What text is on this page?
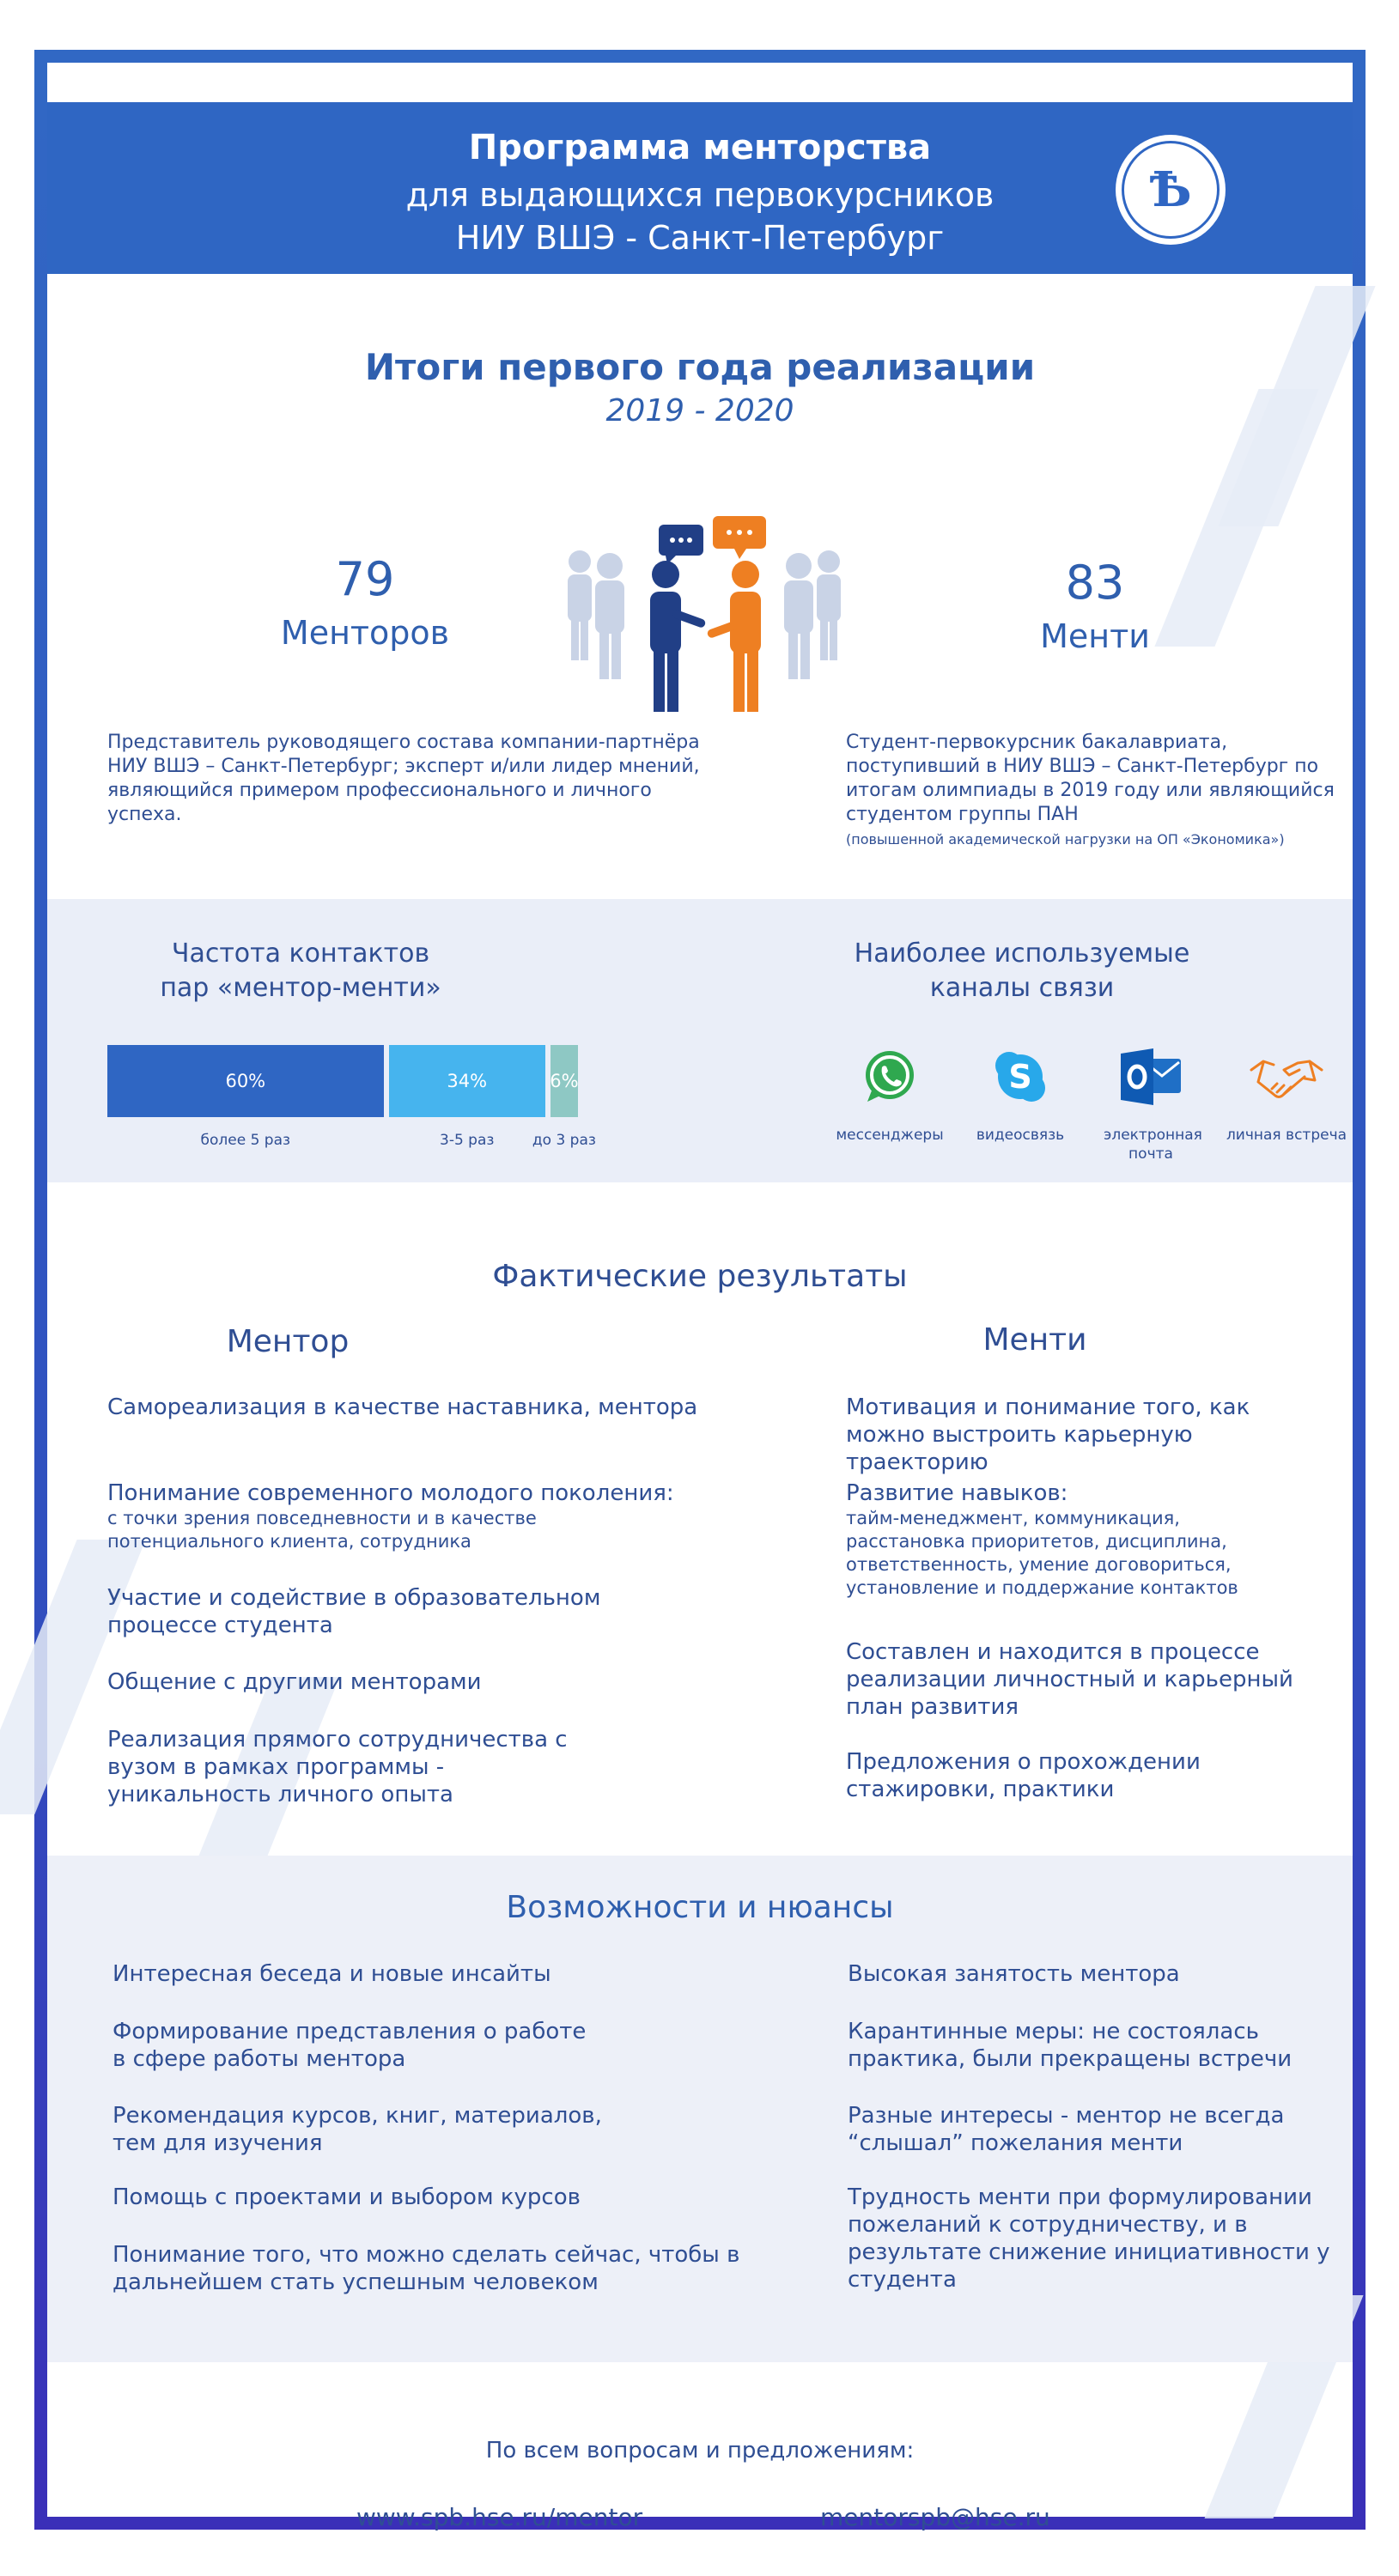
Программа менторства
для выдающихся первокурсников
НИУ ВШЭ - Санкт-Петербург
Ѣ
Итоги первого года реализации
2019 - 2020
79
Менторов
83
Менти
Представитель руководящего состава компании-партнёра НИУ ВШЭ – Санкт-Петербург; эксперт и/или лидер мнений, являющийся примером профессионального и личного успеха.
Студент-первокурсник бакалавриата, поступивший в НИУ ВШЭ – Санкт-Петербург по итогам олимпиады в 2019 году или являющийся студентом группы ПАН
(повышенной академической нагрузки на ОП «Экономика»)
Частота контактов
пар «ментор-менти»
60%
более 5 раз
34%
3-5 раз
6%
до 3 раз
Наиболее используемые
каналы связи
мессенджеры
S
видеосвязь	электронная почта
личная встреча
Фактические результаты
Ментор	Менти
Самореализация в качестве наставника, ментора
Понимание современного молодого поколения:
с точки зрения повседневности и в качестве потенциального клиента, сотрудника
Участие и содействие в образовательном процессе студента
Общение с другими менторами
Реализация прямого сотрудничества с вузом в рамках программы - уникальность личного опыта
Мотивация и понимание того, как можно выстроить карьерную траекторию
Развитие навыков:
тайм-менеджмент, коммуникация, расстановка приоритетов, дисциплина, ответственность, умение договориться, установление и поддержание контактов
Составлен и находится в процессе реализации личностный и карьерный план развития
Предложения о прохождении стажировки, практики
Возможности и нюансы
Интересная беседа и новые инсайты
Формирование представления о работе в сфере работы ментора
Рекомендация курсов, книг, материалов, тем для изучения
Помощь с проектами и выбором курсов
Понимание того, что можно сделать сейчас, чтобы в дальнейшем стать успешным человеком
Высокая занятость ментора
Карантинные меры: не состоялась практика, были прекращены встречи
Разные интересы - ментор не всегда “слышал” пожелания менти
Трудность менти при формулировании пожеланий к сотрудничеству, и в результате снижение инициативности у студента
По всем вопросам и предложениям:
www.spb.hse.ru/mentor	mentorspb@hse.ru
